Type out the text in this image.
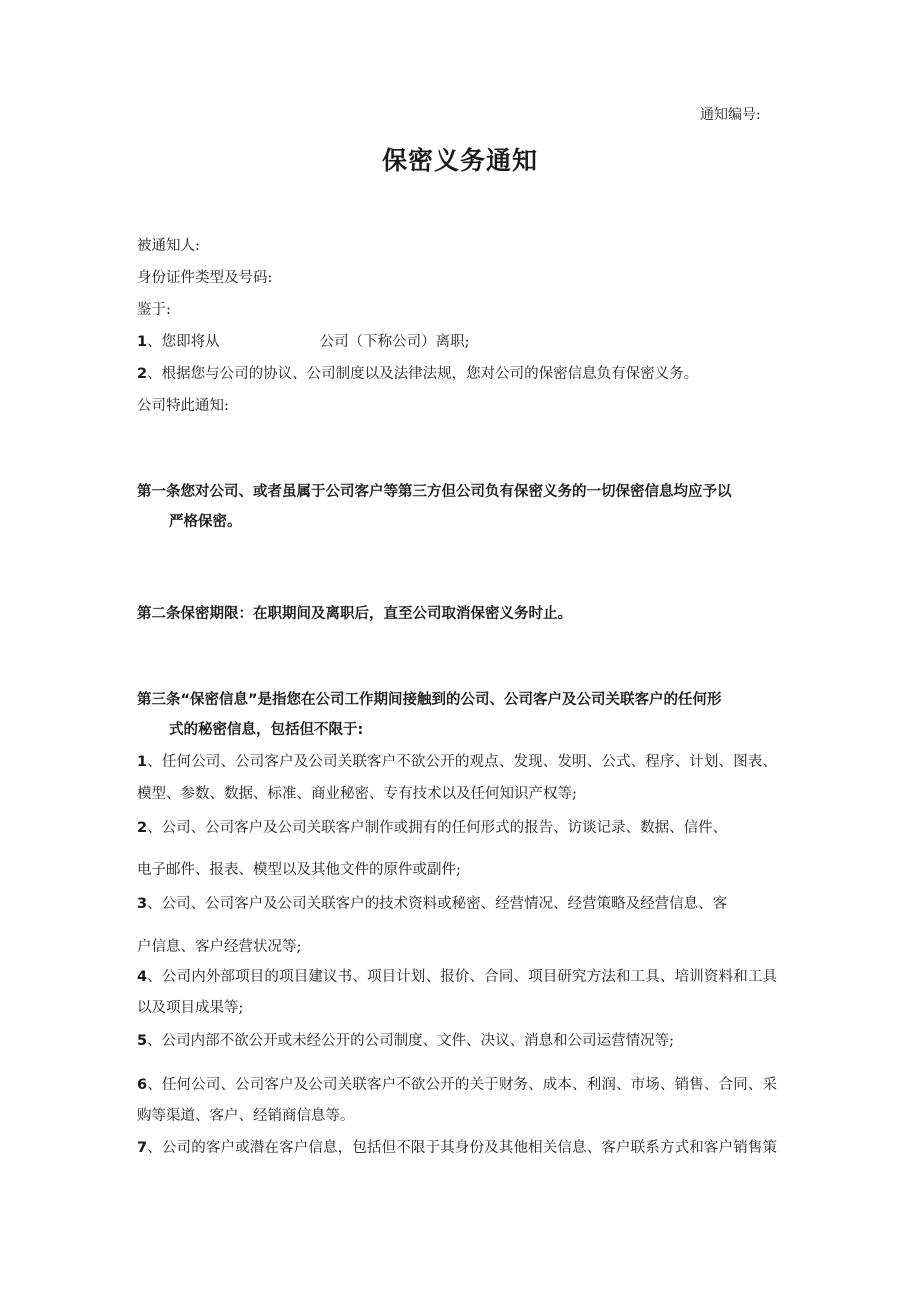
通知编号:
保密义务通知

被通知人:

身份证件类型及号码:

鉴于:

1、您即将从	公司（下称公司）离职;

2、根据您与公司的协议、公司制度以及法律法规，您对公司的保密信息负有保密义务。

公司特此通知:

第一条您对公司、或者虽属于公司客户等第三方但公司负有保密义务的一切保密信息均应予以

严格保密。

第二条保密期限：在职期间及离职后，直至公司取消保密义务时止。

第三条“保密信息”是指您在公司工作期间接触到的公司、公司客户及公司关联客户的任何形

式的秘密信息，包括但不限于:

1、任何公司、公司客户及公司关联客户不欲公开的观点、发现、发明、公式、程序、计划、图表、

模型、参数、数据、标准、商业秘密、专有技术以及任何知识产权等;

2、公司、公司客户及公司关联客户制作或拥有的任何形式的报告、访谈记录、数据、信件、

电子邮件、报表、模型以及其他文件的原件或副件;

3、公司、公司客户及公司关联客户的技术资料或秘密、经营情况、经营策略及经营信息、客

户信息、客户经营状况等;

4、公司内外部项目的项目建议书、项目计划、报价、合同、项目研究方法和工具、培训资料和工具

以及项目成果等;

5、公司内部不欲公开或未经公开的公司制度、文件、决议、消息和公司运营情况等;

6、任何公司、公司客户及公司关联客户不欲公开的关于财务、成本、利润、市场、销售、合同、采

购等渠道、客户、经销商信息等。

7、公司的客户或潜在客户信息，包括但不限于其身份及其他相关信息、客户联系方式和客户销售策
